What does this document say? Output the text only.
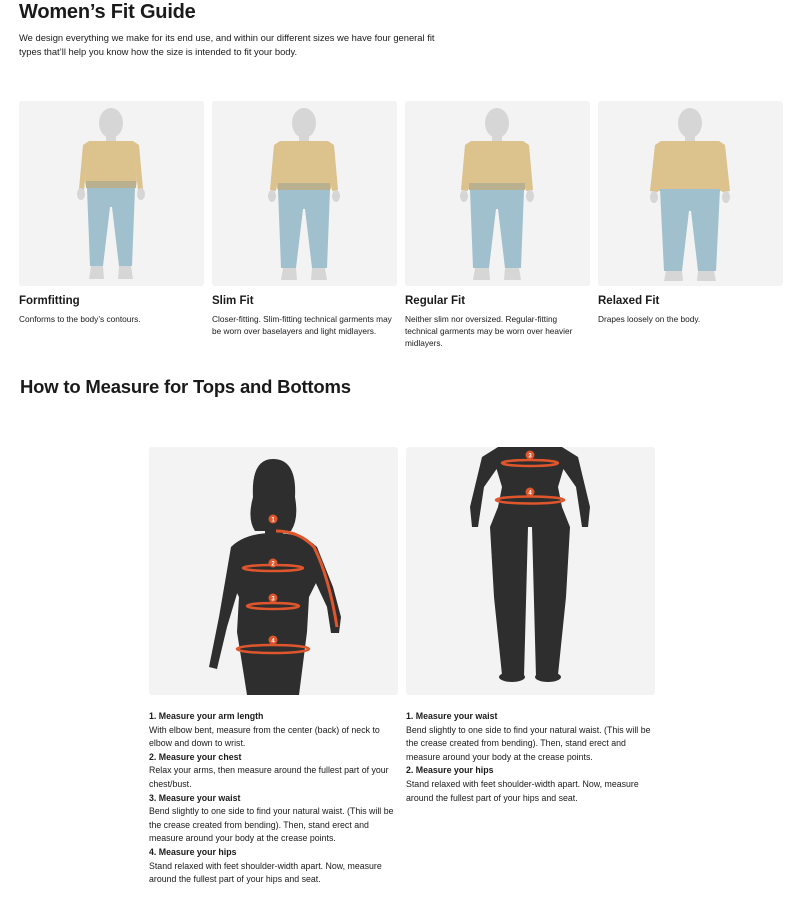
Women’s Fit Guide

We design everything we make for its end use, and within our different sizes we have four general fit types that’ll help you know how the size is intended to fit your body.

Formfitting
Conforms to the body’s contours.
Slim Fit
Closer-fitting. Slim-fitting technical garments may be worn over baselayers and light midlayers.
Regular Fit
Neither slim nor oversized. Regular-fitting technical garments may be worn over heavier midlayers.
Relaxed Fit
Drapes loosely on the body.
How to Measure for Tops and Bottoms
1
2
3
4
3
4
1. Measure your arm length
With elbow bent, measure from the center (back) of neck to elbow and down to wrist.
2. Measure your chest
Relax your arms, then measure around the fullest part of your chest/bust.
3. Measure your waist
Bend slightly to one side to find your natural waist. (This will be the crease created from bending). Then, stand erect and measure around your body at the crease points.
4. Measure your hips
Stand relaxed with feet shoulder-width apart. Now, measure around the fullest part of your hips and seat.
1. Measure your waist
Bend slightly to one side to find your natural waist. (This will be the crease created from bending). Then, stand erect and measure around your body at the crease points.
2. Measure your hips
Stand relaxed with feet shoulder-width apart. Now, measure around the fullest part of your hips and seat.
